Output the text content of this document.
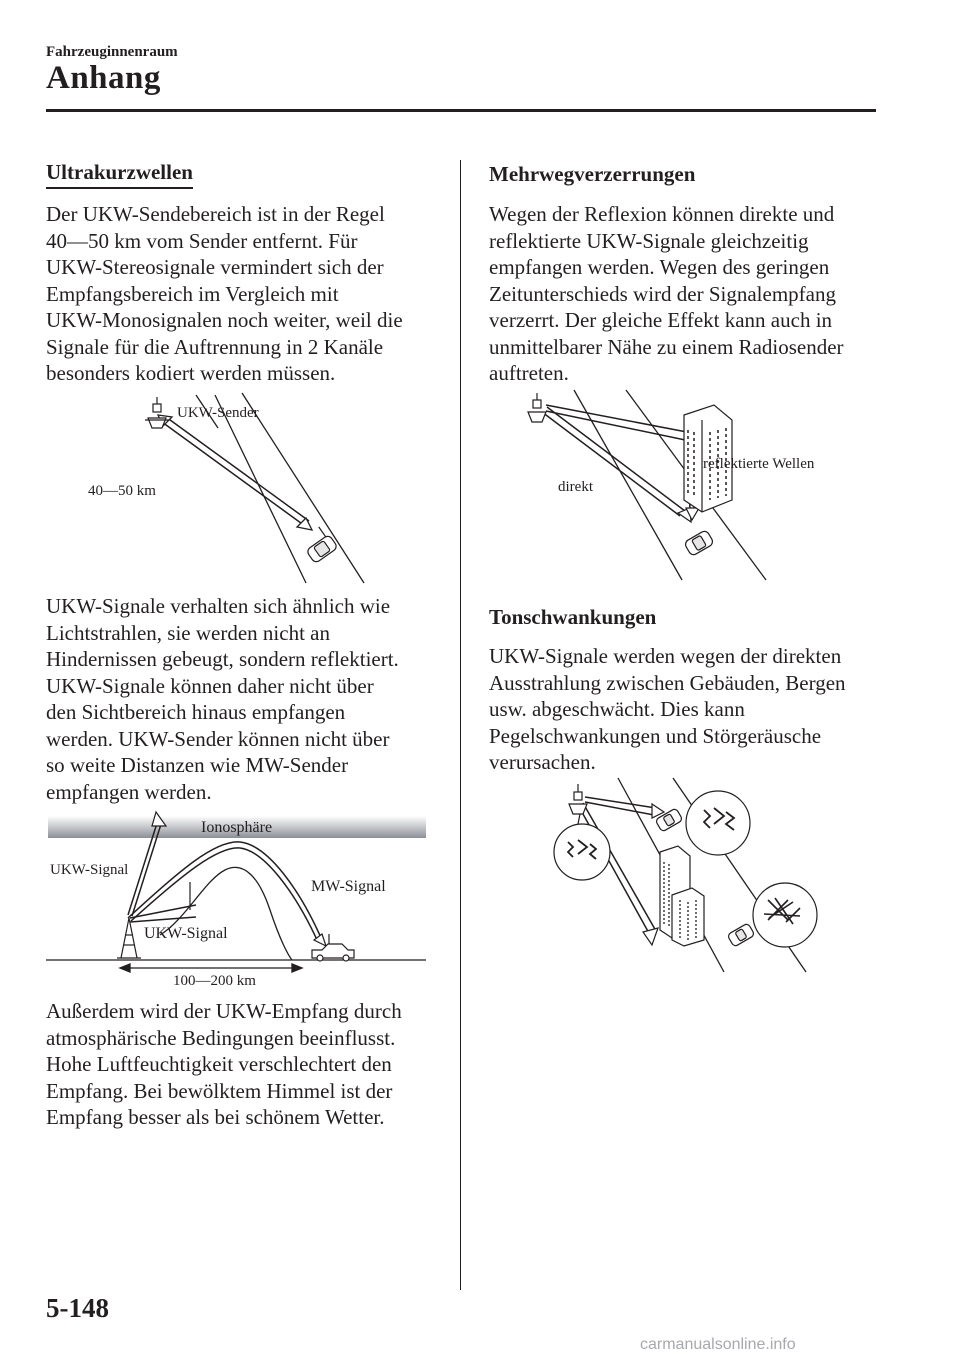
Fahrzeuginnenraum
Anhang
Ultrakurzwellen
Der UKW-Sendebereich ist in der Regel
40―50 km vom Sender entfernt. Für
UKW-Stereosignale vermindert sich der
Empfangsbereich im Vergleich mit
UKW-Monosignalen noch weiter, weil die
Signale für die Auftrennung in 2 Kanäle
besonders kodiert werden müssen.
UKW-Sender
40―50 km
UKW-Signale verhalten sich ähnlich wie
Lichtstrahlen, sie werden nicht an
Hindernissen gebeugt, sondern reflektiert.
UKW-Signale können daher nicht über
den Sichtbereich hinaus empfangen
werden. UKW-Sender können nicht über
so weite Distanzen wie MW-Sender
empfangen werden.
Ionosphäre
UKW-Signal
MW-Signal
UKW-Signal
100―200 km
Außerdem wird der UKW-Empfang durch
atmosphärische Bedingungen beeinflusst.
Hohe Luftfeuchtigkeit verschlechtert den
Empfang. Bei bewölktem Himmel ist der
Empfang besser als bei schönem Wetter.
Mehrwegverzerrungen
Wegen der Reflexion können direkte und
reflektierte UKW-Signale gleichzeitig
empfangen werden. Wegen des geringen
Zeitunterschieds wird der Signalempfang
verzerrt. Der gleiche Effekt kann auch in
unmittelbarer Nähe zu einem Radiosender
auftreten.
reflektierte Wellen
direkt
Tonschwankungen
UKW-Signale werden wegen der direkten
Ausstrahlung zwischen Gebäuden, Bergen
usw. abgeschwächt. Dies kann
Pegelschwankungen und Störgeräusche
verursachen.
5-148
carmanualsonline.info
